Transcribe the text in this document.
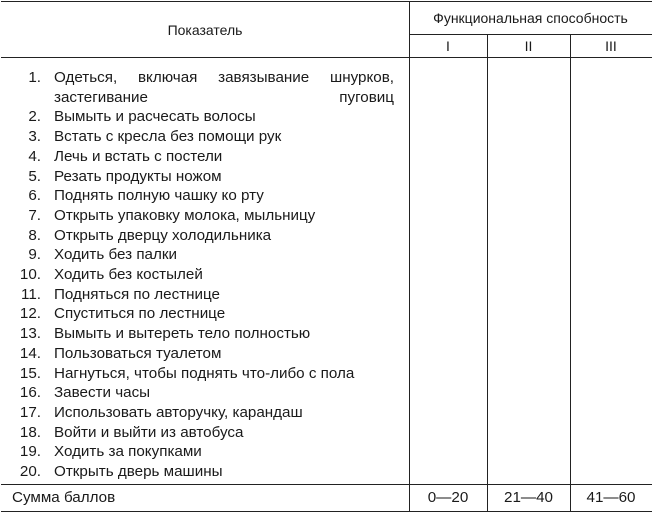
Показатель
Функциональная способность
I	II	III
1. Одеться, включая завязывание шнурков, застегивание пуговиц
2. Вымыть и расчесать волосы
3. Встать с кресла без помощи рук
4. Лечь и встать с постели
5. Резать продукты ножом
6. Поднять полную чашку ко рту
7. Открыть упаковку молока, мыльницу
8. Открыть дверцу холодильника
9. Ходить без палки
10. Ходить без костылей
11. Подняться по лестнице
12. Спуститься по лестнице
13. Вымыть и вытереть тело полностью
14. Пользоваться туалетом
15. Нагнуться, чтобы поднять что-либо с пола
16. Завести часы
17. Использовать авторучку, карандаш
18. Войти и выйти из автобуса
19. Ходить за покупками
20. Открыть дверь машины
Сумма баллов	0—20	21—40	41—60
